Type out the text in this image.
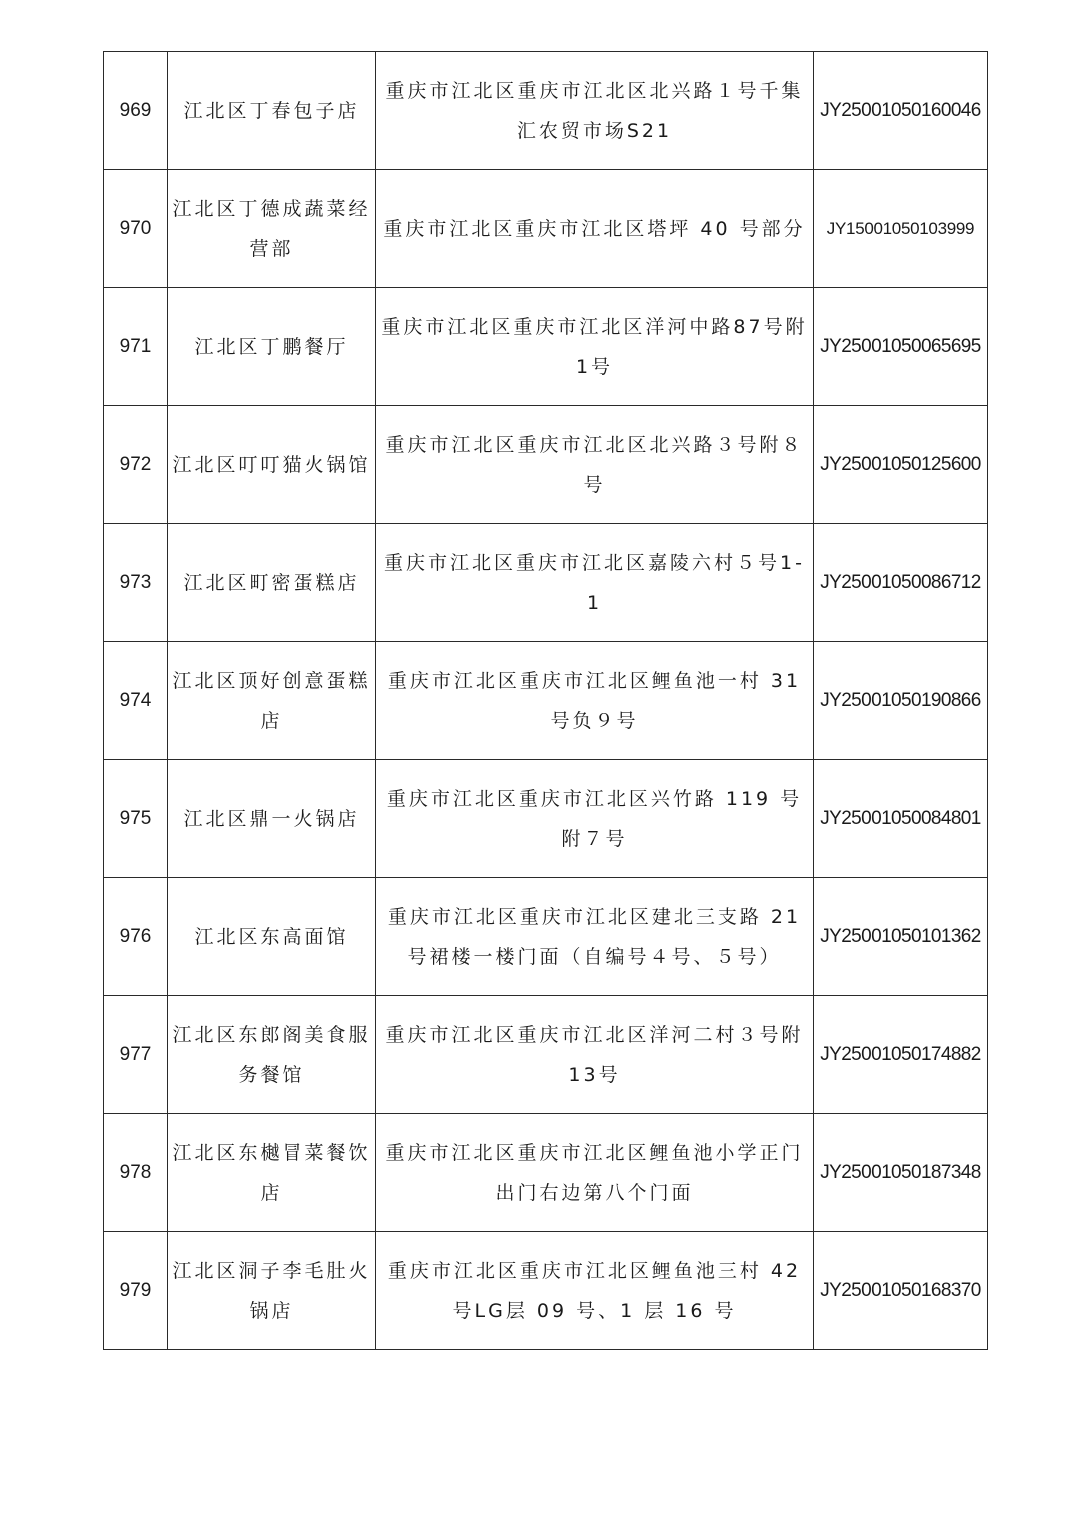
969	江北区丁春包子店	重庆市江北区重庆市江北区北兴路１号千集汇农贸市场S21	JY25001050160046
970	江北区丁德成蔬菜经营部	重庆市江北区重庆市江北区塔坪 40 号部分	JY15001050103999
971	江北区丁鹏餐厅	重庆市江北区重庆市江北区洋河中路87号附1号	JY25001050065695
972	江北区叮叮猫火锅馆	重庆市江北区重庆市江北区北兴路３号附８号	JY25001050125600
973	江北区町密蛋糕店	重庆市江北区重庆市江北区嘉陵六村５号1-1	JY25001050086712
974	江北区顶好创意蛋糕店	重庆市江北区重庆市江北区鲤鱼池一村 31 号负９号	JY25001050190866
975	江北区鼎一火锅店	重庆市江北区重庆市江北区兴竹路 119 号附７号	JY25001050084801
976	江北区东高面馆	重庆市江北区重庆市江北区建北三支路 21 号裙楼一楼门面（自编号４号、５号）	JY25001050101362
977	江北区东郎阁美食服务餐馆	重庆市江北区重庆市江北区洋河二村３号附13号	JY25001050174882
978	江北区东樾冒菜餐饮店	重庆市江北区重庆市江北区鲤鱼池小学正门出门右边第八个门面	JY25001050187348
979	江北区洞子李毛肚火锅店	重庆市江北区重庆市江北区鲤鱼池三村 42 号LG层 09 号、1 层 16 号	JY25001050168370
